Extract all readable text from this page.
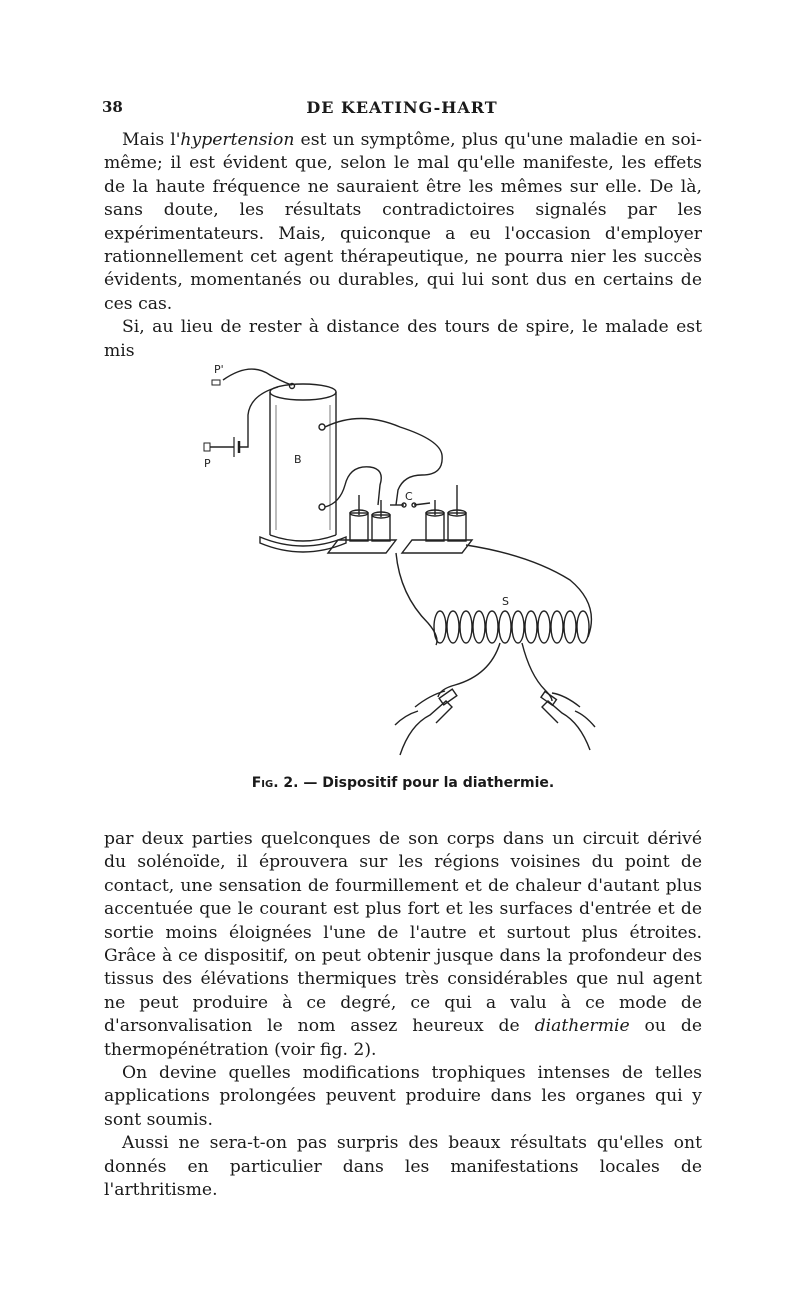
38	DE KEATING-HART

Mais l'hypertension est un symptôme, plus qu'une maladie en soi-même; il est évident que, selon le mal qu'elle manifeste, les effets de la haute fréquence ne sauraient être les mêmes sur elle. De là, sans doute, les résultats contradictoires signalés par les expérimentateurs. Mais, quiconque a eu l'occasion d'employer rationnellement cet agent thérapeutique, ne pourra nier les succès évidents, momentanés ou durables, qui lui sont dus en certains de ces cas.

Si, au lieu de rester à distance des tours de spire, le malade est mis

P'
P	B
C
S
Fig. 2. — Dispositif pour la diathermie.

par deux parties quelconques de son corps dans un circuit dérivé du solénoïde, il éprouvera sur les régions voisines du point de contact, une sensation de fourmillement et de chaleur d'autant plus accentuée que le courant est plus fort et les surfaces d'entrée et de sortie moins éloignées l'une de l'autre et surtout plus étroites. Grâce à ce dispositif, on peut obtenir jusque dans la profondeur des tissus des élévations thermiques très considérables que nul agent ne peut produire à ce degré, ce qui a valu à ce mode de d'arsonvalisation le nom assez heureux de diathermie ou de thermopénétration (voir fig. 2).

On devine quelles modifications trophiques intenses de telles applications prolongées peuvent produire dans les organes qui y sont soumis.

Aussi ne sera-t-on pas surpris des beaux résultats qu'elles ont donnés en particulier dans les manifestations locales de l'arthritisme.
